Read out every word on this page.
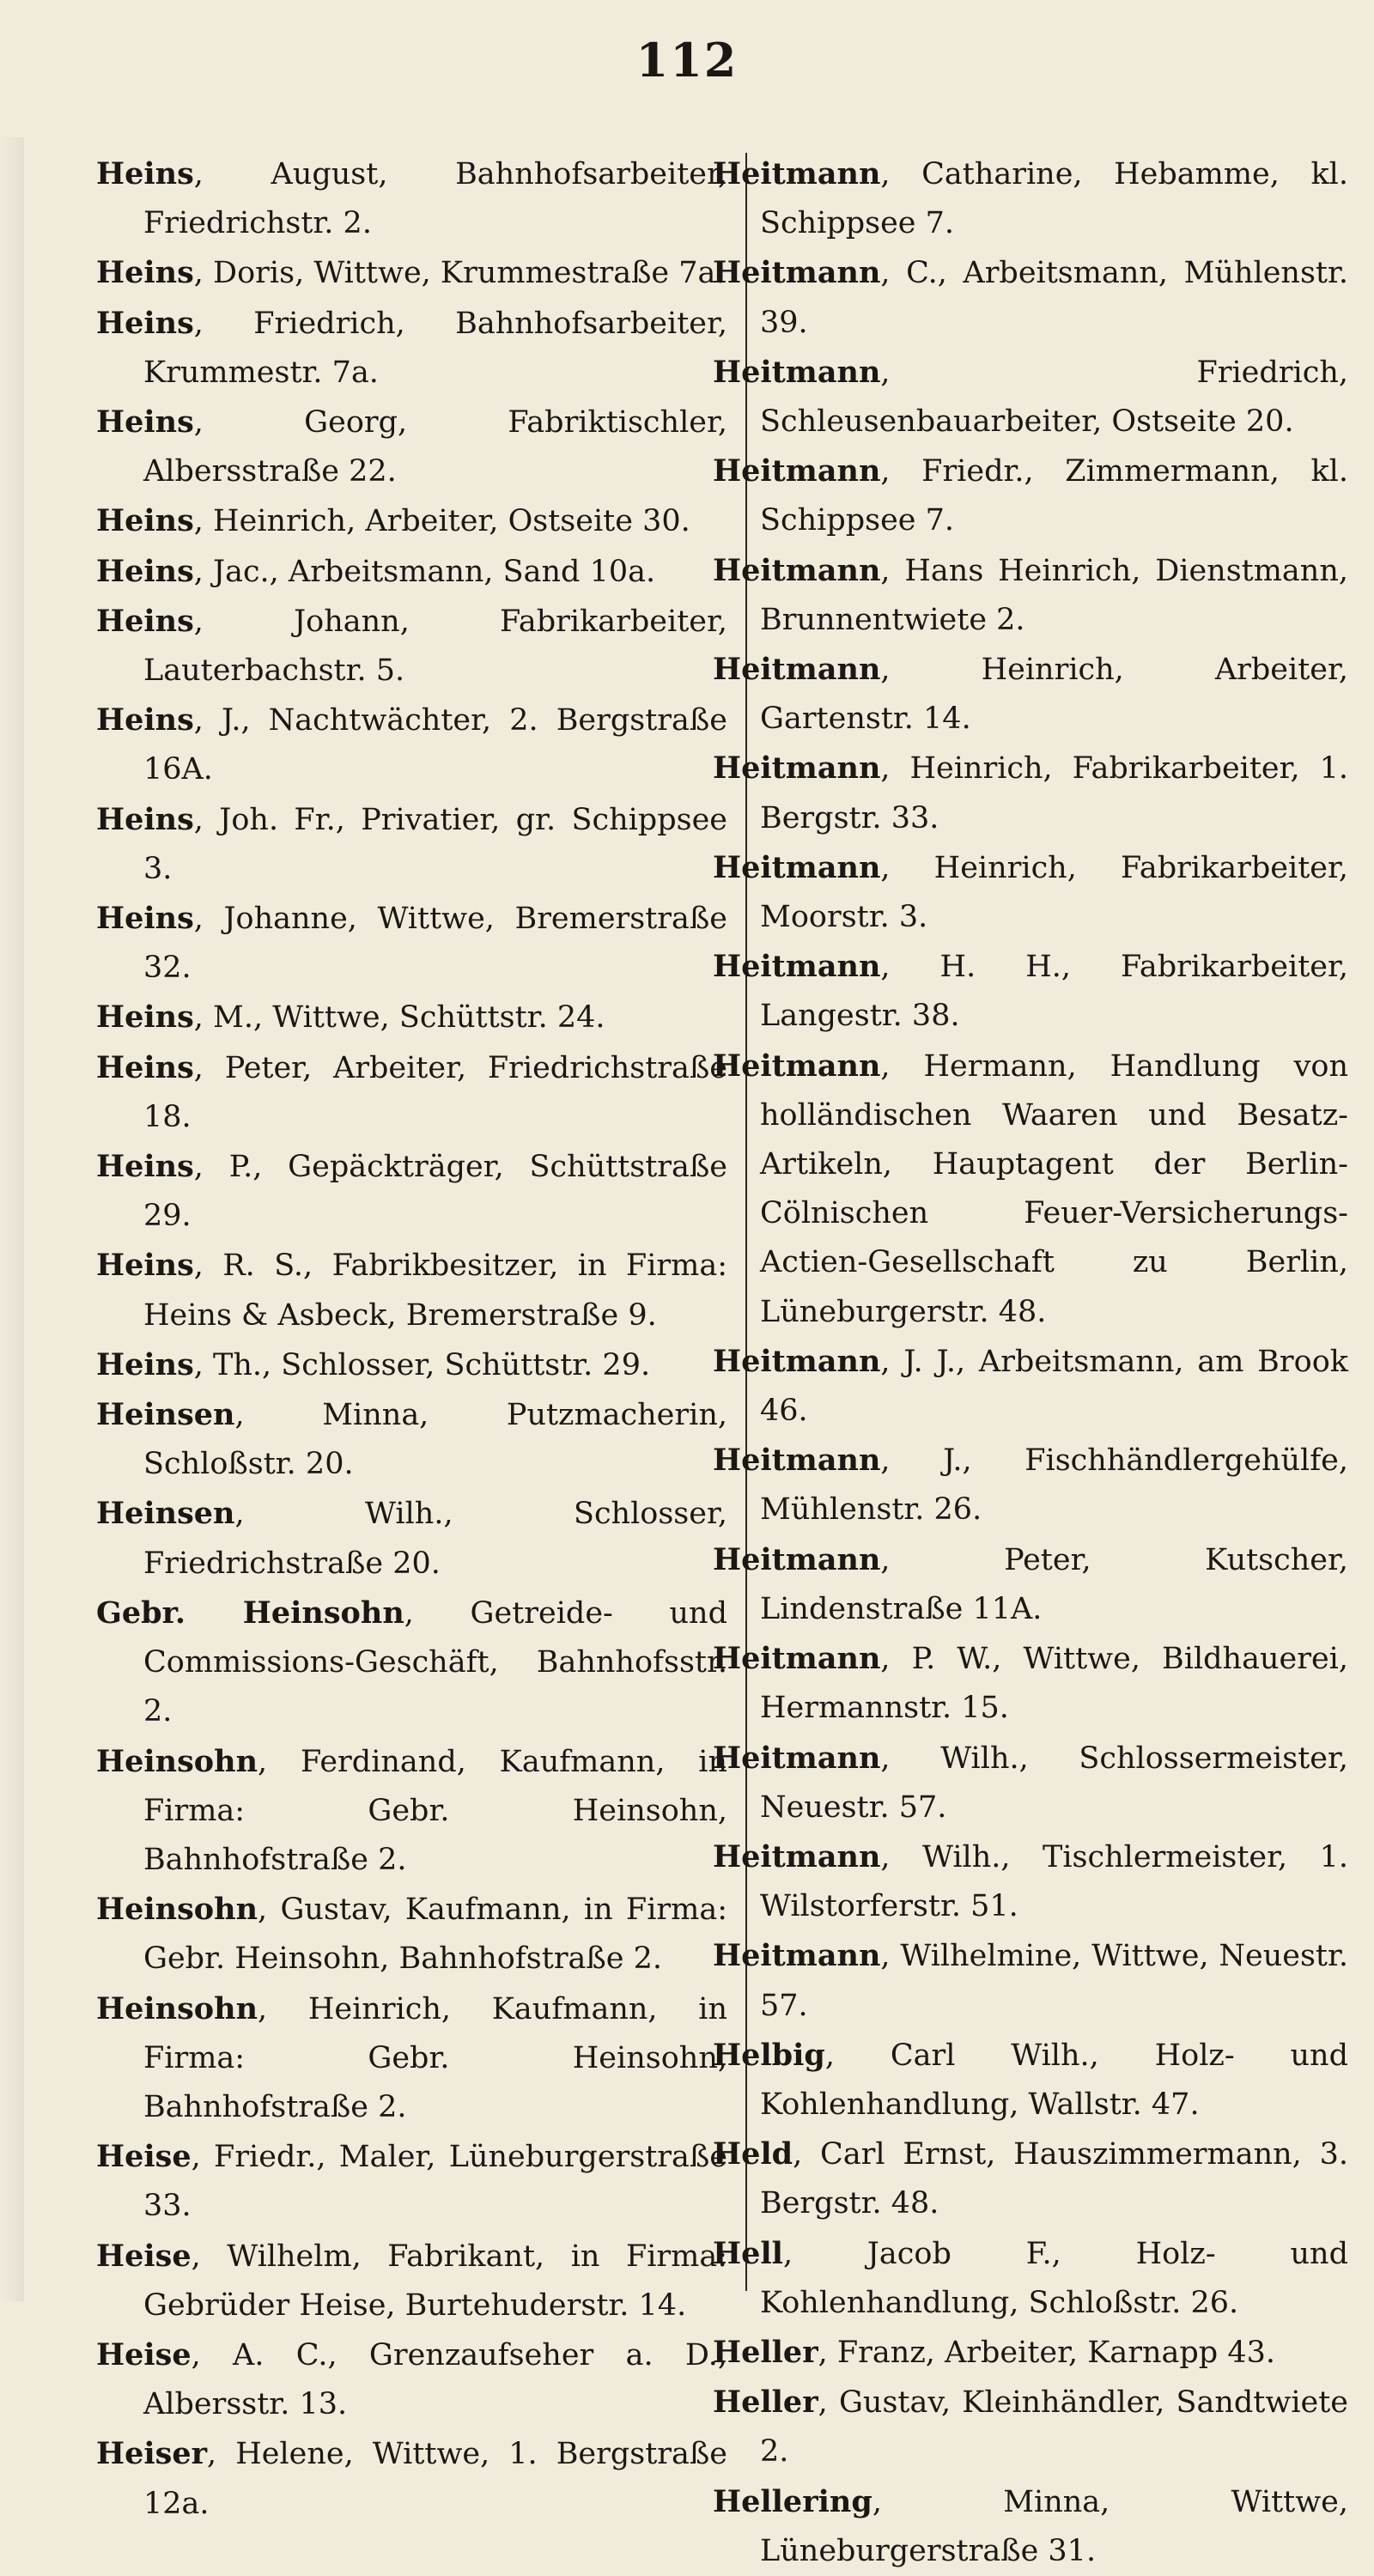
112
Heins, August, Bahnhofsarbeiter, Friedrichstr. 2.
Heins, Doris, Wittwe, Krummestraße 7a.
Heins, Friedrich, Bahnhofsarbeiter, Krummestr. 7a.
Heins, Georg, Fabriktischler, Albersstraße 22.
Heins, Heinrich, Arbeiter, Ostseite 30.
Heins, Jac., Arbeitsmann, Sand 10a.
Heins, Johann, Fabrikarbeiter, Lauterbachstr. 5.
Heins, J., Nachtwächter, 2. Bergstraße 16A.
Heins, Joh. Fr., Privatier, gr. Schippsee 3.
Heins, Johanne, Wittwe, Bremerstraße 32.
Heins, M., Wittwe, Schüttstr. 24.
Heins, Peter, Arbeiter, Friedrichstraße 18.
Heins, P., Gepäckträger, Schüttstraße 29.
Heins, R. S., Fabrikbesitzer, in Firma: Heins & Asbeck, Bremerstraße 9.
Heins, Th., Schlosser, Schüttstr. 29.
Heinsen, Minna, Putzmacherin, Schloßstr. 20.
Heinsen, Wilh., Schlosser, Friedrichstraße 20.
Gebr. Heinsohn, Getreide- und Commissions-Geschäft, Bahnhofsstr. 2.
Heinsohn, Ferdinand, Kaufmann, in Firma: Gebr. Heinsohn, Bahnhofstraße 2.
Heinsohn, Gustav, Kaufmann, in Firma: Gebr. Heinsohn, Bahnhofstraße 2.
Heinsohn, Heinrich, Kaufmann, in Firma: Gebr. Heinsohn, Bahnhofstraße 2.
Heise, Friedr., Maler, Lüneburgerstraße 33.
Heise, Wilhelm, Fabrikant, in Firma: Gebrüder Heise, Burtehuderstr. 14.
Heise, A. C., Grenzaufseher a. D., Albersstr. 13.
Heiser, Helene, Wittwe, 1. Bergstraße 12a.
Heitmann, Catharine, Hebamme, kl. Schippsee 7.
Heitmann, C., Arbeitsmann, Mühlenstr. 39.
Heitmann, Friedrich, Schleusenbauarbeiter, Ostseite 20.
Heitmann, Friedr., Zimmermann, kl. Schippsee 7.
Heitmann, Hans Heinrich, Dienstmann, Brunnentwiete 2.
Heitmann, Heinrich, Arbeiter, Gartenstr. 14.
Heitmann, Heinrich, Fabrikarbeiter, 1. Bergstr. 33.
Heitmann, Heinrich, Fabrikarbeiter, Moorstr. 3.
Heitmann, H. H., Fabrikarbeiter, Langestr. 38.
Heitmann, Hermann, Handlung von holländischen Waaren und Besatz-Artikeln, Hauptagent der Berlin-Cölnischen Feuer-Versicherungs-Actien-Gesellschaft zu Berlin, Lüneburgerstr. 48.
Heitmann, J. J., Arbeitsmann, am Brook 46.
Heitmann, J., Fischhändlergehülfe, Mühlenstr. 26.
Heitmann, Peter, Kutscher, Lindenstraße 11A.
Heitmann, P. W., Wittwe, Bildhauerei, Hermannstr. 15.
Heitmann, Wilh., Schlossermeister, Neuestr. 57.
Heitmann, Wilh., Tischlermeister, 1. Wilstorferstr. 51.
Heitmann, Wilhelmine, Wittwe, Neuestr. 57.
Helbig, Carl Wilh., Holz- und Kohlenhandlung, Wallstr. 47.
Held, Carl Ernst, Hauszimmermann, 3. Bergstr. 48.
Hell, Jacob F., Holz- und Kohlenhandlung, Schloßstr. 26.
Heller, Franz, Arbeiter, Karnapp 43.
Heller, Gustav, Kleinhändler, Sandtwiete 2.
Hellering, Minna, Wittwe, Lüneburgerstraße 31.
